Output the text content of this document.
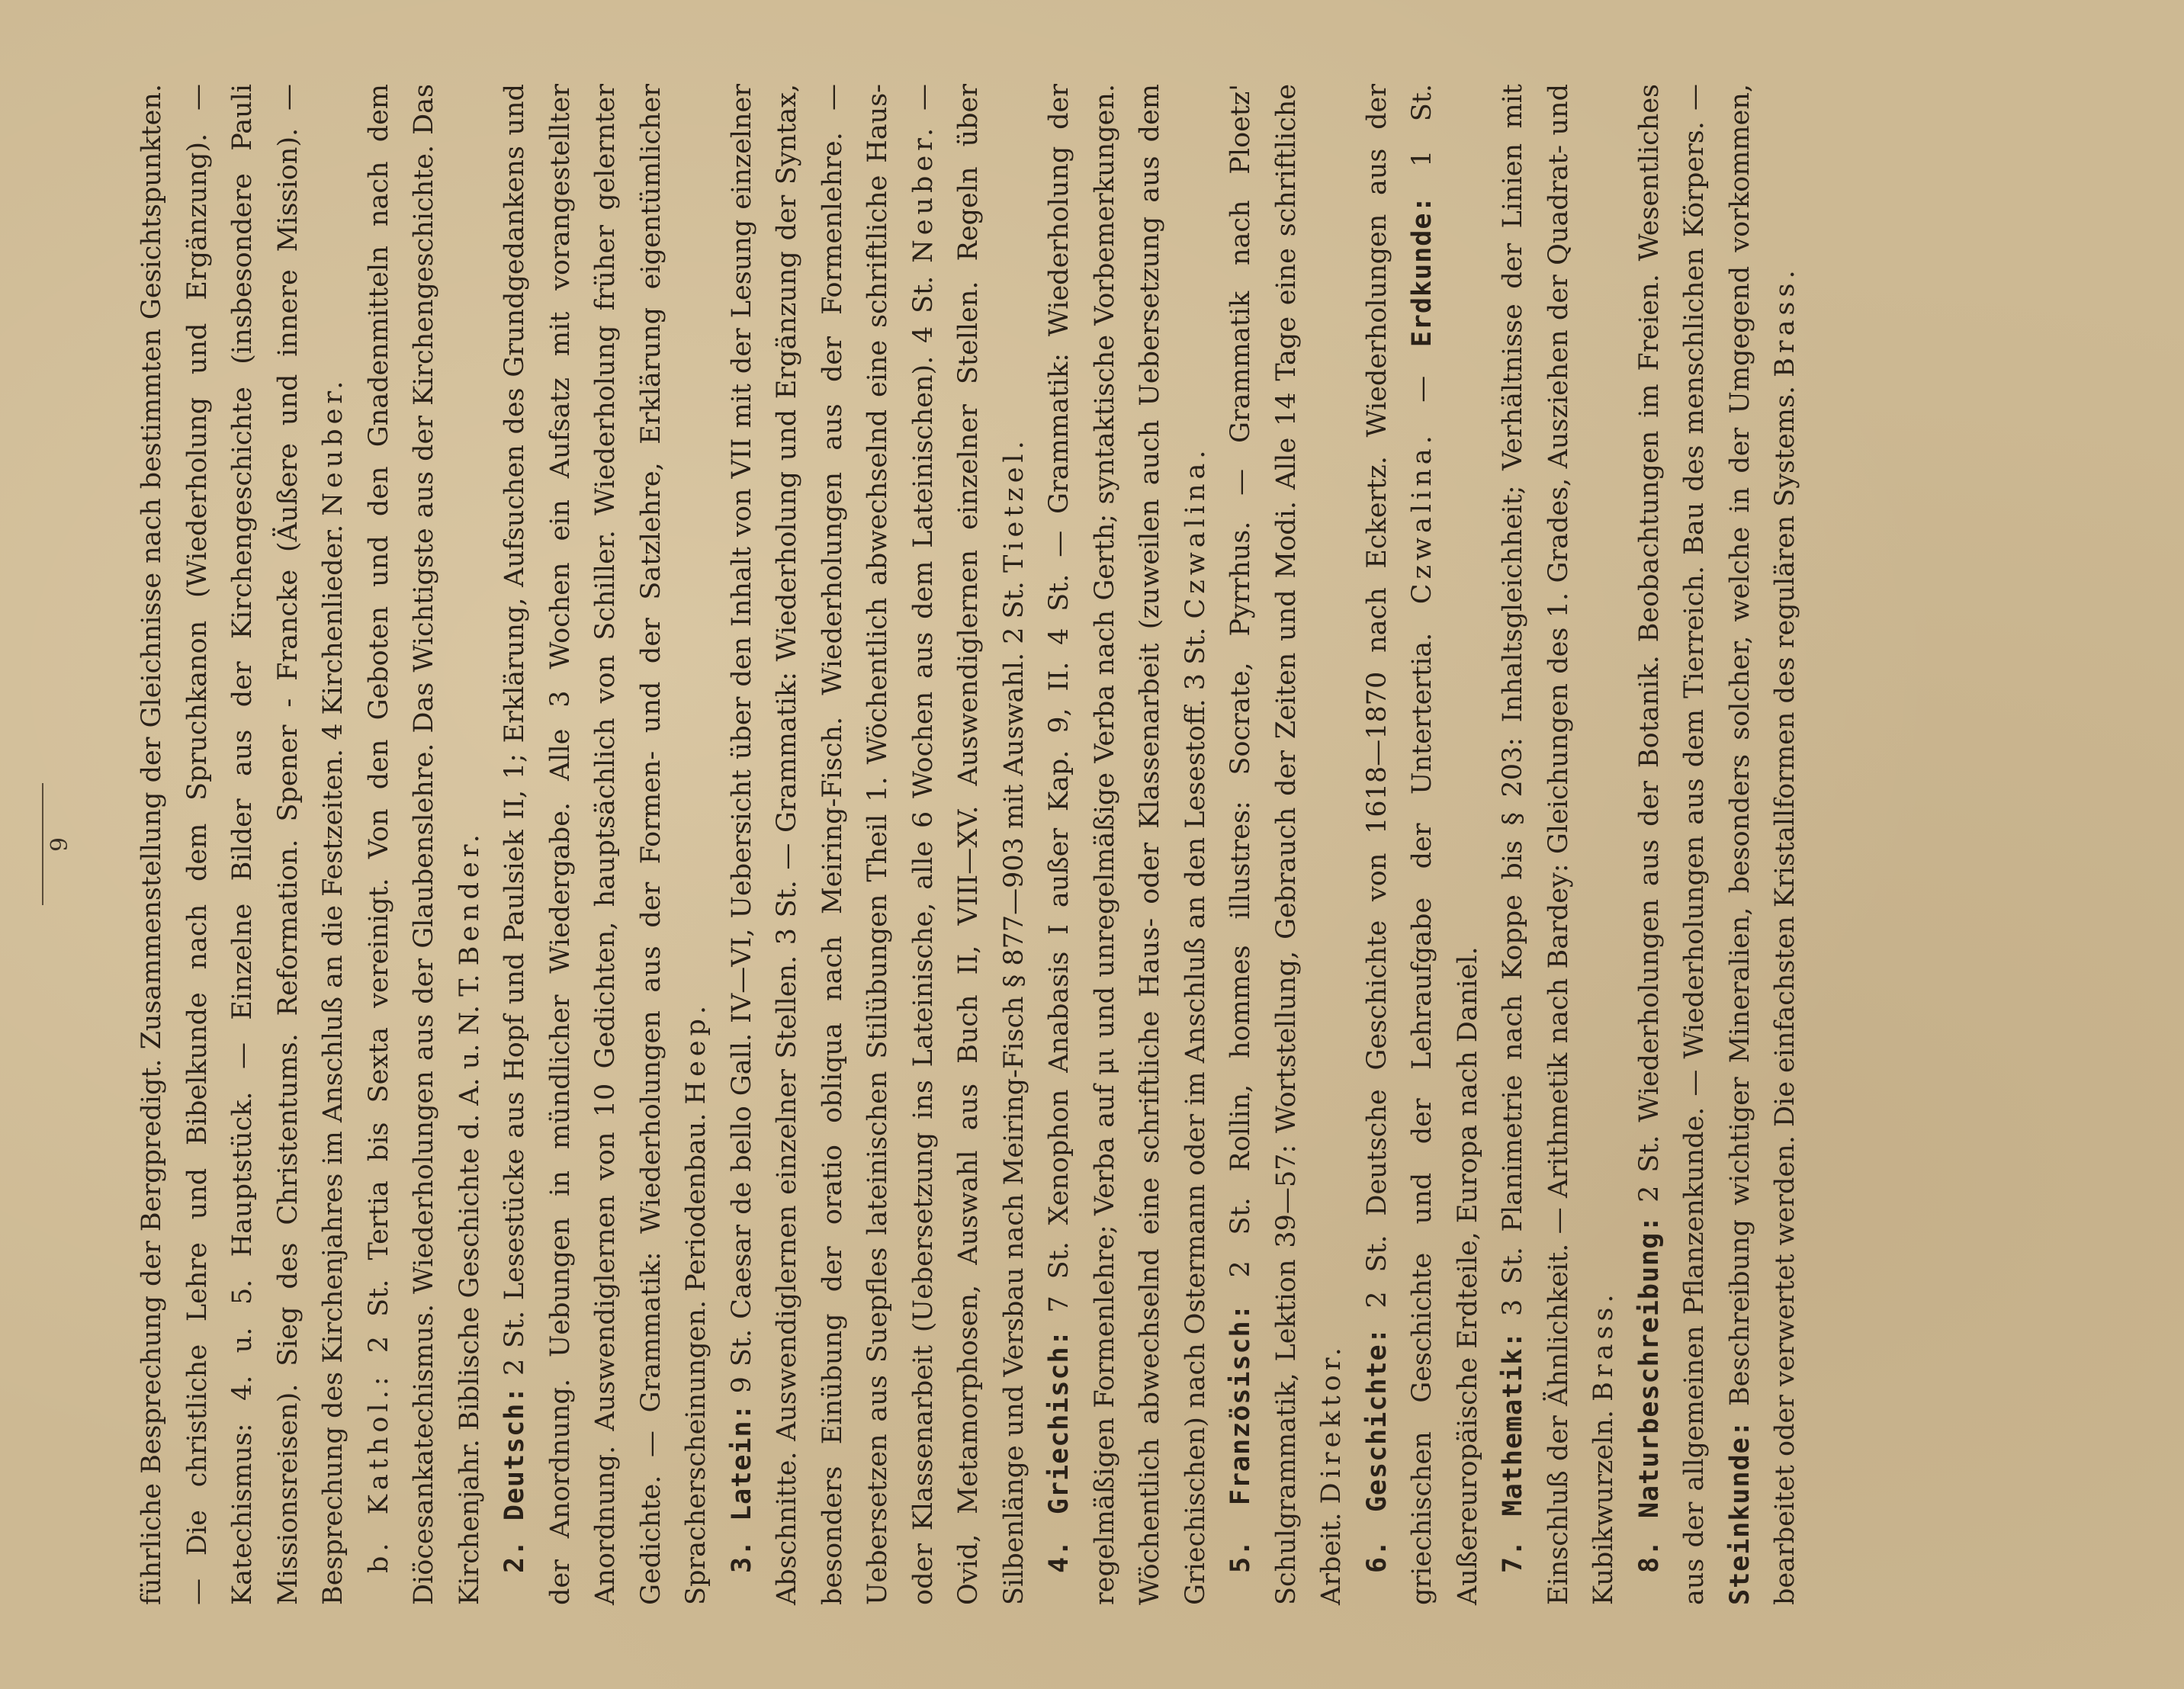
9 führliche Besprechung der Bergpredigt. Zusammenstellung der Gleichnisse nach bestimmten Gesichtspunkten. — Die christliche Lehre und Bibelkunde nach dem Spruchkanon (Wiederholung und Ergänzung). — Katechismus: 4. u. 5. Hauptstück. — Einzelne Bilder aus der Kirchengeschichte (insbesondere Pauli Missionsreisen). Sieg des Christentums. Reformation. Spener - Francke (Äußere und innere Mission). — Besprechung des Kirchenjahres im Anschluß an die Festzeiten. 4 Kirchenlieder. Neuber.

b. Kathol.: 2 St. Tertia bis Sexta vereinigt. Von den Geboten und den Gnadenmitteln nach dem Diöcesankatechismus. Wiederholungen aus der Glaubenslehre. Das Wichtigste aus der Kirchengeschichte. Das Kirchenjahr. Biblische Geschichte d. A. u. N. T. Bender.

2. Deutsch: 2 St. Lesestücke aus Hopf und Paulsiek II, 1; Erklärung, Aufsuchen des Grundgedankens und der Anordnung. Uebungen in mündlicher Wiedergabe. Alle 3 Wochen ein Aufsatz mit vorangestellter Anordnung. Auswendiglernen von 10 Gedichten, hauptsächlich von Schiller. Wiederholung früher gelernter Gedichte. — Grammatik: Wiederholungen aus der Formen- und der Satzlehre, Erklärung eigentümlicher Spracherscheinungen. Periodenbau. Heep.

3. Latein: 9 St. Caesar de bello Gall. IV—VI, Uebersicht über den Inhalt von VII mit der Lesung einzelner Abschnitte. Auswendiglernen einzelner Stellen. 3 St. — Grammatik: Wiederholung und Ergänzung der Syntax, besonders Einübung der oratio obliqua nach Meiring-Fisch. Wiederholungen aus der Formenlehre. — Uebersetzen aus Suepfles lateinischen Stilübungen Theil 1. Wöchentlich abwechselnd eine schriftliche Haus- oder Klassenarbeit (Uebersetzung ins Lateinische, alle 6 Wochen aus dem Lateinischen). 4 St. Neuber. — Ovid, Metamorphosen, Auswahl aus Buch II, VIII—XV. Auswendiglernen einzelner Stellen. Regeln über Silbenlänge und Versbau nach Meiring-Fisch § 877—903 mit Auswahl. 2 St. Tietzel.

4. Griechisch: 7 St. Xenophon Anabasis I außer Kap. 9, II. 4 St. — Grammatik: Wiederholung der regelmäßigen Formenlehre; Verba auf μι und unregelmäßige Verba nach Gerth; syntaktische Vorbemerkungen. Wöchentlich abwechselnd eine schriftliche Haus- oder Klassenarbeit (zuweilen auch Uebersetzung aus dem Griechischen) nach Ostermann oder im Anschluß an den Lesestoff. 3 St. Czwalina.

5. Französisch: 2 St. Rollin, hommes illustres: Socrate, Pyrrhus. — Grammatik nach Ploetz' Schulgrammatik, Lektion 39—57: Wortstellung, Gebrauch der Zeiten und Modi. Alle 14 Tage eine schriftliche Arbeit. Direktor. 6. Geschichte: 2 St. Deutsche Geschichte von 1618—1870 nach Eckertz. Wiederholungen aus der griechischen Geschichte und der Lehraufgabe der Untertertia. Czwalina. — Erdkunde: 1 St. Außereuropäische Erdteile, Europa nach Daniel. 7. Mathematik: 3 St. Planimetrie nach Koppe bis § 203: Inhaltsgleichheit; Verhältnisse der Linien mit Einschluß der Ähnlichkeit. — Arithmetik nach Bardey: Gleichungen des 1. Grades, Ausziehen der Quadrat- und Kubikwurzeln. Brass. 8. Naturbeschreibung: 2 St. Wiederholungen aus der Botanik. Beobachtungen im Freien. Wesentliches aus der allgemeinen Pflanzenkunde. — Wiederholungen aus dem Tierreich. Bau des menschlichen Körpers. — Steinkunde: Beschreibung wichtiger Mineralien, besonders solcher, welche in der Umgegend vorkommen, bearbeitet oder verwertet werden. Die einfachsten Kristallformen des regulären Systems. Brass.
